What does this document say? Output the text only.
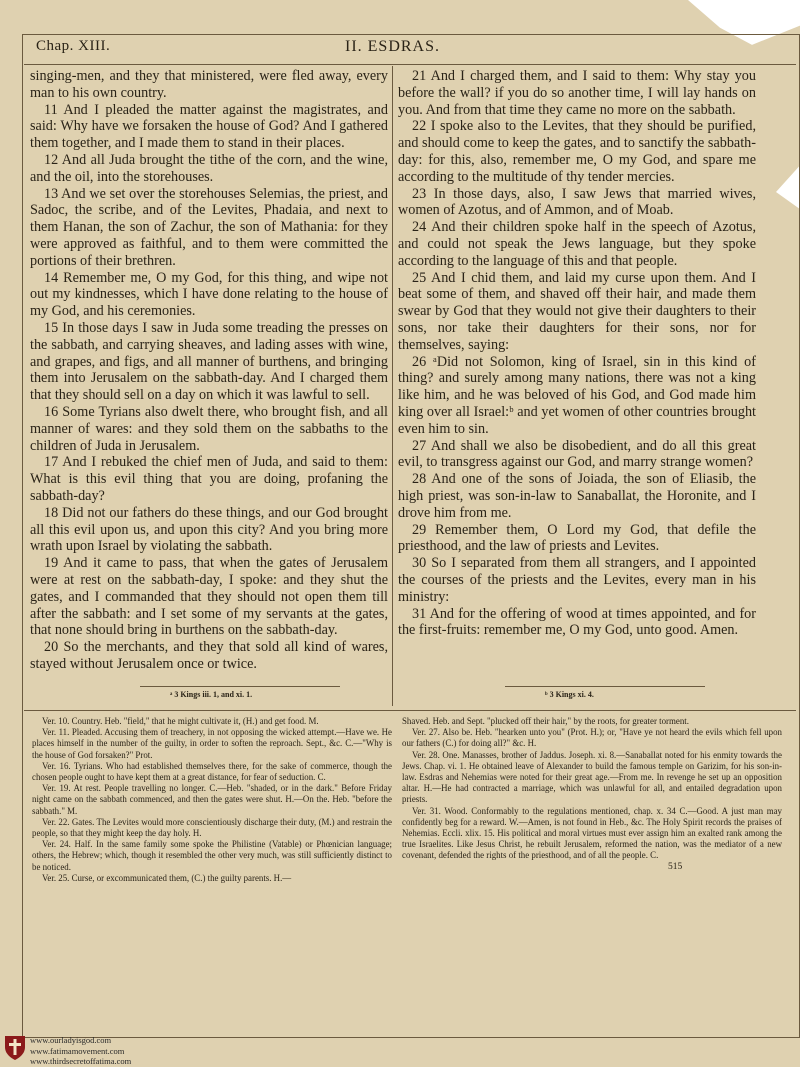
Chap. XIII.	II. ESDRAS.

singing-men, and they that ministered, were fled away, every man to his own country.

11 And I pleaded the matter against the magistrates, and said: Why have we forsaken the house of God? And I gathered them together, and I made them to stand in their places.

12 And all Juda brought the tithe of the corn, and the wine, and the oil, into the storehouses.

13 And we set over the storehouses Selemias, the priest, and Sadoc, the scribe, and of the Levites, Phadaia, and next to them Hanan, the son of Zachur, the son of Mathania: for they were approved as faithful, and to them were committed the portions of their brethren.

14 Remember me, O my God, for this thing, and wipe not out my kindnesses, which I have done relating to the house of my God, and his ceremonies.

15 In those days I saw in Juda some treading the presses on the sabbath, and carrying sheaves, and lading asses with wine, and grapes, and figs, and all manner of burthens, and bringing them into Jerusalem on the sabbath-day. And I charged them that they should sell on a day on which it was lawful to sell.

16 Some Tyrians also dwelt there, who brought fish, and all manner of wares: and they sold them on the sabbaths to the children of Juda in Jerusalem.

17 And I rebuked the chief men of Juda, and said to them: What is this evil thing that you are doing, profaning the sabbath-day?

18 Did not our fathers do these things, and our God brought all this evil upon us, and upon this city? And you bring more wrath upon Israel by violating the sabbath.

19 And it came to pass, that when the gates of Jerusalem were at rest on the sabbath-day, I spoke: and they shut the gates, and I commanded that they should not open them till after the sabbath: and I set some of my servants at the gates, that none should bring in burthens on the sabbath-day.

20 So the merchants, and they that sold all kind of wares, stayed without Jerusalem once or twice.

21 And I charged them, and I said to them: Why stay you before the wall? if you do so another time, I will lay hands on you. And from that time they came no more on the sabbath.

22 I spoke also to the Levites, that they should be purified, and should come to keep the gates, and to sanctify the sabbath-day: for this, also, remember me, O my God, and spare me according to the multitude of thy tender mercies.

23 In those days, also, I saw Jews that married wives, women of Azotus, and of Ammon, and of Moab.

24 And their children spoke half in the speech of Azotus, and could not speak the Jews language, but they spoke according to the language of this and that people.

25 And I chid them, and laid my curse upon them. And I beat some of them, and shaved off their hair, and made them swear by God that they would not give their daughters to their sons, nor take their daughters for their sons, nor for themselves, saying:

26 ᵃDid not Solomon, king of Israel, sin in this kind of thing? and surely among many nations, there was not a king like him, and he was beloved of his God, and God made him king over all Israel:ᵇ and yet women of other countries brought even him to sin.

27 And shall we also be disobedient, and do all this great evil, to transgress against our God, and marry strange women?

28 And one of the sons of Joiada, the son of Eliasib, the high priest, was son-in-law to Sanaballat, the Horonite, and I drove him from me.

29 Remember them, O Lord my God, that defile the priesthood, and the law of priests and Levites.

30 So I separated from them all strangers, and I appointed the courses of the priests and the Levites, every man in his ministry:

31 And for the offering of wood at times appointed, and for the first-fruits: remember me, O my God, unto good. Amen.

ᵃ 3 Kings iii. 1, and xi. 1.	ᵇ 3 Kings xi. 4.

Ver. 10. Country. Heb. "field," that he might cultivate it, (H.) and get food. M.

Ver. 11. Pleaded. Accusing them of treachery, in not opposing the wicked attempt.—Have we. He places himself in the number of the guilty, in order to soften the reproach. Sept., &c. C.—"Why is the house of God forsaken?" Prot.

Ver. 16. Tyrians. Who had established themselves there, for the sake of commerce, though the chosen people ought to have kept them at a great distance, for fear of seduction. C.

Ver. 19. At rest. People travelling no longer. C.—Heb. "shaded, or in the dark." Before Friday night came on the sabbath commenced, and then the gates were shut. H.—On the. Heb. "before the sabbath." M.

Ver. 22. Gates. The Levites would more conscientiously discharge their duty, (M.) and restrain the people, so that they might keep the day holy. H.

Ver. 24. Half. In the same family some spoke the Philistine (Vatable) or Phœnician language; others, the Hebrew; which, though it resembled the other very much, was still sufficiently distinct to be noticed.

Ver. 25. Curse, or excommunicated them, (C.) the guilty parents. H.—

Shaved. Heb. and Sept. "plucked off their hair," by the roots, for greater torment.

Ver. 27. Also be. Heb. "hearken unto you" (Prot. H.); or, "Have ye not heard the evils which fell upon our fathers (C.) for doing all?" &c. H.

Ver. 28. One. Manasses, brother of Jaddus. Joseph. xi. 8.—Sanaballat noted for his enmity towards the Jews. Chap. vi. 1. He obtained leave of Alexander to build the famous temple on Garizim, for his son-in-law. Esdras and Nehemias were noted for their great age.—From me. In revenge he set up an opposition altar. H.—He had contracted a marriage, which was unlawful for all, and entailed degradation upon priests.

Ver. 31. Wood. Conformably to the regulations mentioned, chap. x. 34 C.—Good. A just man may confidently beg for a reward. W.—Amen, is not found in Heb., &c. The Holy Spirit records the praises of Nehemias. Eccli. xlix. 15. His political and moral virtues must ever assign him an exalted rank among the true Israelites. Like Jesus Christ, he rebuilt Jerusalem, reformed the nation, was the mediator of a new covenant, defended the rights of the priesthood, and of all the people. C.

515
www.ourladyisgod.com
www.fatimamovement.com
www.thirdsecretoffatima.com
